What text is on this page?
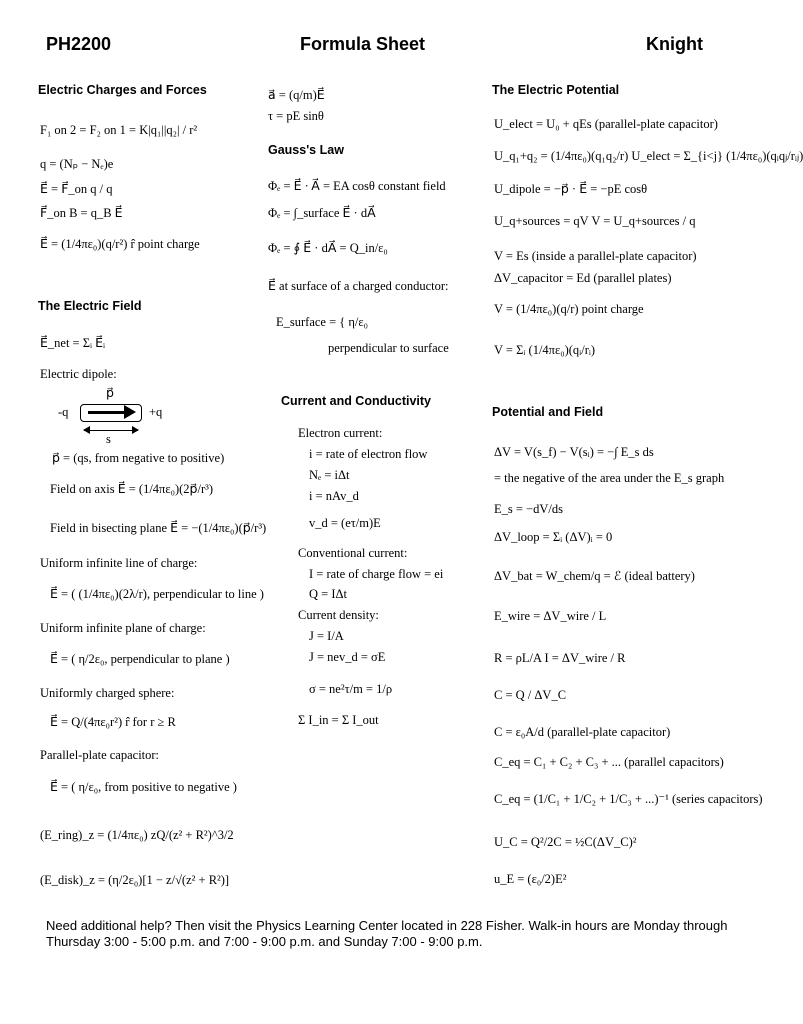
PH2200	Formula Sheet	Knight
Electric Charges and Forces
F₁ on 2 = F₂ on 1 = K|q₁||q₂| / r²
q = (Nₚ − Nₑ)e
E⃗ = F⃗_on q / q
F⃗_on B = q_B E⃗
E⃗ = (1/4πε₀)(q/r²) r̂ point charge
The Electric Field
E⃗_net = Σᵢ E⃗ᵢ
Electric dipole:
p⃗
-q	+q
s
p⃗ = (qs, from negative to positive)
Field on axis E⃗ = (1/4πε₀)(2p⃗/r³)
Field in bisecting plane E⃗ = −(1/4πε₀)(p⃗/r³)
Uniform infinite line of charge:
E⃗ = ( (1/4πε₀)(2λ/r), perpendicular to line )
Uniform infinite plane of charge:
E⃗ = ( η/2ε₀, perpendicular to plane )
Uniformly charged sphere:
E⃗ = Q/(4πε₀r²) r̂ for r ≥ R
Parallel-plate capacitor:
E⃗ = ( η/ε₀, from positive to negative )
(E_ring)_z = (1/4πε₀) zQ/(z² + R²)^3/2
(E_disk)_z = (η/2ε₀)[1 − z/√(z² + R²)]
a⃗ = (q/m)E⃗
τ = pE sinθ
Gauss's Law
Φₑ = E⃗ · A⃗ = EA cosθ constant field
Φₑ = ∫_surface E⃗ · dA⃗
Φₑ = ∮ E⃗ · dA⃗ = Q_in/ε₀
E⃗ at surface of a charged conductor:
E_surface = { η/ε₀
perpendicular to surface
Current and Conductivity
Electron current:
i = rate of electron flow
Nₑ = iΔt
i = nAv_d
v_d = (eτ/m)E
Conventional current:
I = rate of charge flow = ei
Q = IΔt
Current density:
J = I/A
J = nev_d = σE
σ = ne²τ/m = 1/ρ
Σ I_in = Σ I_out
The Electric Potential
U_elect = U₀ + qEs (parallel-plate capacitor)
U_q₁+q₂ = (1/4πε₀)(q₁q₂/r) U_elect = Σ_{i<j} (1/4πε₀)(qᵢqⱼ/rᵢⱼ)
U_dipole = −p⃗ · E⃗ = −pE cosθ
U_q+sources = qV V = U_q+sources / q
V = Es (inside a parallel-plate capacitor)
ΔV_capacitor = Ed (parallel plates)
V = (1/4πε₀)(q/r) point charge
V = Σᵢ (1/4πε₀)(qᵢ/rᵢ)
Potential and Field
ΔV = V(s_f) − V(sᵢ) = −∫ E_s ds
= the negative of the area under the E_s graph
E_s = −dV/ds
ΔV_loop = Σᵢ (ΔV)ᵢ = 0
ΔV_bat = W_chem/q = ℰ (ideal battery)
E_wire = ΔV_wire / L
R = ρL/A I = ΔV_wire / R
C = Q / ΔV_C
C = ε₀A/d (parallel-plate capacitor)
C_eq = C₁ + C₂ + C₃ + ... (parallel capacitors)
C_eq = (1/C₁ + 1/C₂ + 1/C₃ + ...)⁻¹ (series capacitors)
U_C = Q²/2C = ½C(ΔV_C)²
u_E = (ε₀/2)E²
Need additional help? Then visit the Physics Learning Center located in 228 Fisher. Walk-in hours are Monday through Thursday 3:00 - 5:00 p.m. and 7:00 - 9:00 p.m. and Sunday 7:00 - 9:00 p.m.
